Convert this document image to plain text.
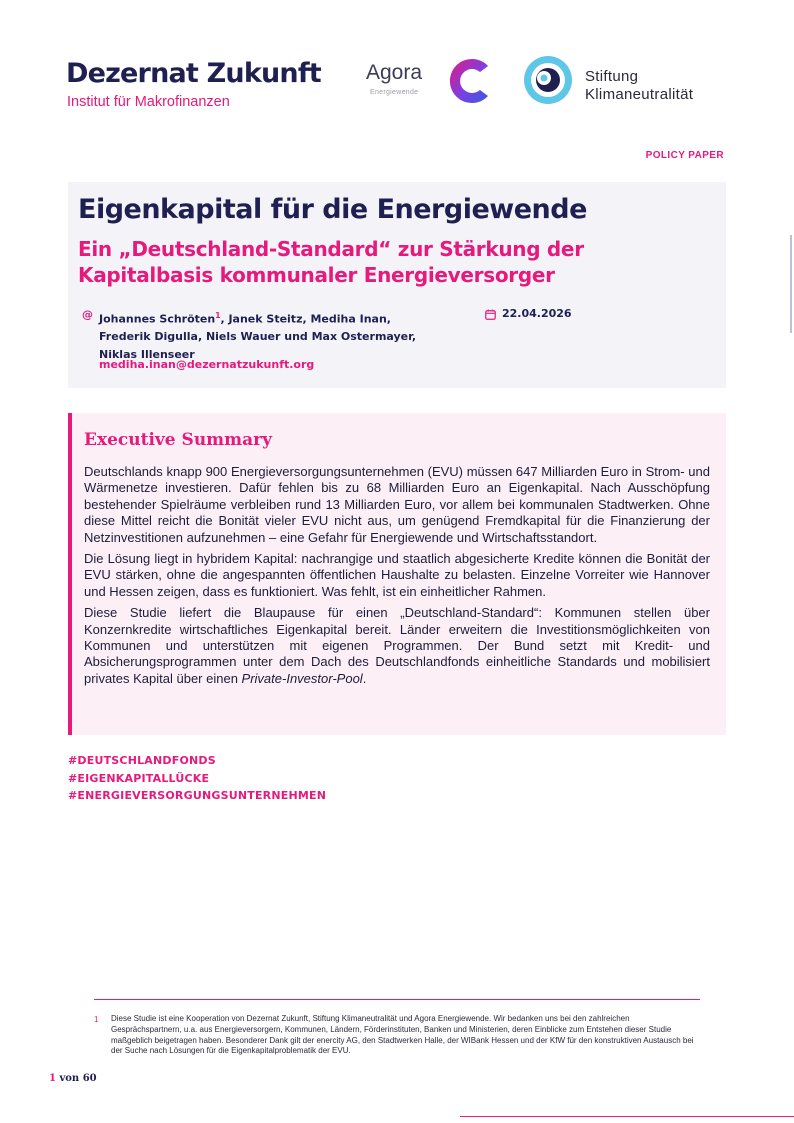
Dezernat Zukunft
Institut für Makrofinanzen
Agora
Energiewende
Stiftung
Klimaneutralität
POLICY PAPER
Eigenkapital für die Energiewende
Ein „Deutschland-Standard“ zur Stärkung der Kapitalbasis kommunaler Energieversorger
@ Johannes Schröten$^1$, Janek Steitz, Mediha Inan,
Frederik Digulla, Niels Wauer und Max Ostermayer,
Niklas Illenseer
mediha.inan@dezernatzukunft.org
22.04.2026
Executive Summary

Deutschlands knapp 900 Energieversorgungsunternehmen (EVU) müssen 647 Milliarden Euro in Strom- und Wärmenetze investieren. Dafür fehlen bis zu 68 Milliarden Euro an Eigenkapital. Nach Ausschöpfung bestehender Spielräume verbleiben rund 13 Milliarden Euro, vor allem bei kommunalen Stadtwerken. Ohne diese Mittel reicht die Bonität vieler EVU nicht aus, um genügend Fremdkapital für die Finanzierung der Netzinvestitionen aufzunehmen – eine Gefahr für Energiewende und Wirtschaftsstandort.

Die Lösung liegt in hybridem Kapital: nachrangige und staatlich abgesicherte Kredite können die Bonität der EVU stärken, ohne die angespannten öffentlichen Haushalte zu belasten. Einzelne Vorreiter wie Hannover und Hessen zeigen, dass es funktioniert. Was fehlt, ist ein einheitlicher Rahmen.

Diese Studie liefert die Blaupause für einen „Deutschland-Standard“: Kommunen stellen über Konzernkredite wirtschaftliches Eigenkapital bereit. Länder erweitern die Investitionsmöglichkeiten von Kommunen und unterstützen mit eigenen Programmen. Der Bund setzt mit Kredit- und Absicherungsprogrammen unter dem Dach des Deutschlandfonds einheitliche Standards und mobilisiert privates Kapital über einen Private-Investor-Pool.

#DEUTSCHLANDFONDS
#EIGENKAPITALLÜCKE
#ENERGIEVERSORGUNGSUNTERNEHMEN
1 Diese Studie ist eine Kooperation von Dezernat Zukunft, Stiftung Klimaneutralität und Agora Energiewende. Wir bedanken uns bei den zahlreichen Gesprächspartnern, u.a. aus Energieversorgern, Kommunen, Ländern, Förderinstituten, Banken und Ministerien, deren Einblicke zum Entstehen dieser Studie maßgeblich beigetragen haben. Besonderer Dank gilt der enercity AG, den Stadtwerken Halle, der WIBank Hessen und der KfW für den konstruktiven Austausch bei der Suche nach Lösungen für die Eigenkapitalproblematik der EVU.
1 von 60
